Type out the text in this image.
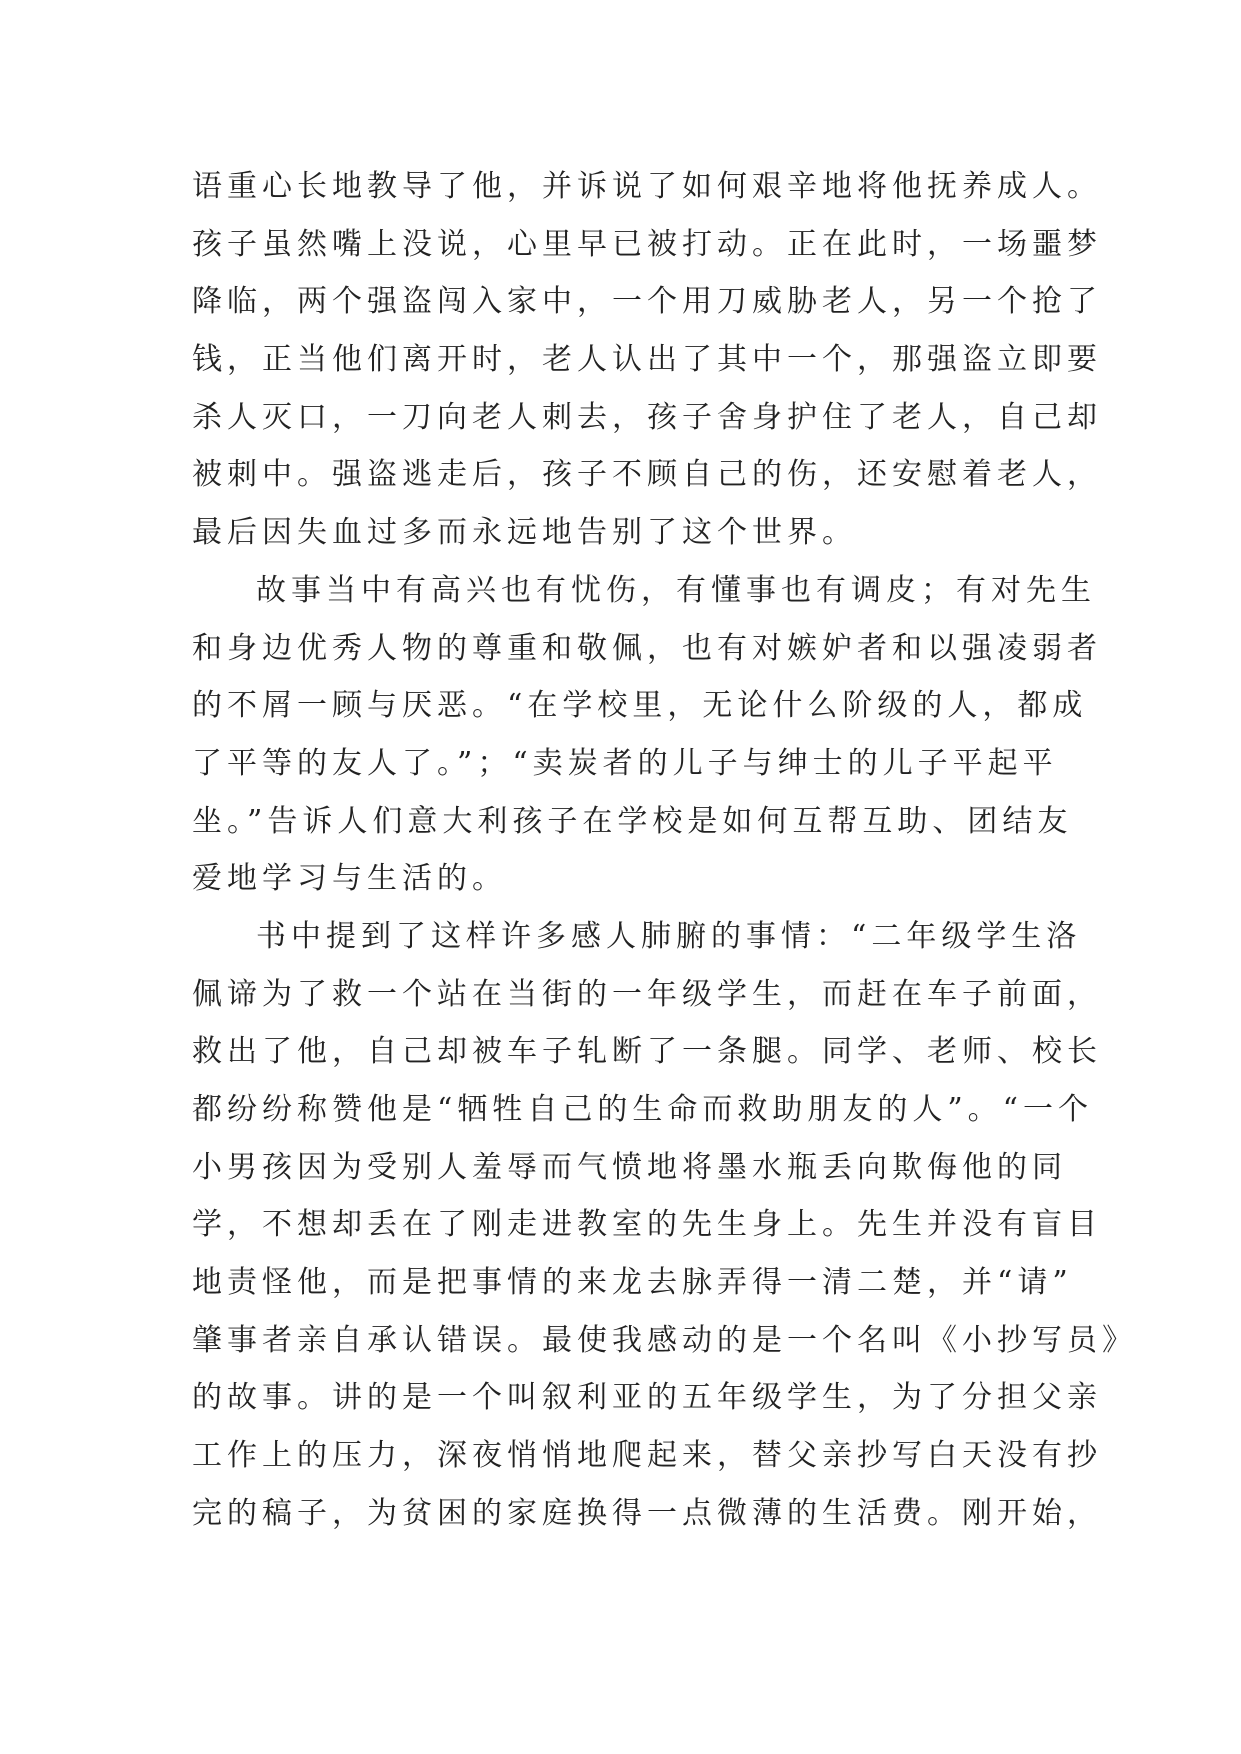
语重心长地教导了他，并诉说了如何艰辛地将他抚养成人。
孩子虽然嘴上没说，心里早已被打动。正在此时，一场噩梦
降临，两个强盗闯入家中，一个用刀威胁老人，另一个抢了
钱，正当他们离开时，老人认出了其中一个，那强盗立即要
杀人灭口，一刀向老人刺去，孩子舍身护住了老人，自己却
被刺中。强盗逃走后，孩子不顾自己的伤，还安慰着老人，
最后因失血过多而永远地告别了这个世界。
故事当中有高兴也有忧伤，有懂事也有调皮；有对先生
和身边优秀人物的尊重和敬佩，也有对嫉妒者和以强凌弱者
的不屑一顾与厌恶。“在学校里，无论什么阶级的人，都成
了平等的友人了。”；“卖炭者的儿子与绅士的儿子平起平
坐。”告诉人们意大利孩子在学校是如何互帮互助、团结友
爱地学习与生活的。
书中提到了这样许多感人肺腑的事情：“二年级学生洛
佩谛为了救一个站在当街的一年级学生，而赶在车子前面，
救出了他，自己却被车子轧断了一条腿。同学、老师、校长
都纷纷称赞他是“牺牲自己的生命而救助朋友的人”。“一个
小男孩因为受别人羞辱而气愤地将墨水瓶丢向欺侮他的同
学，不想却丢在了刚走进教室的先生身上。先生并没有盲目
地责怪他，而是把事情的来龙去脉弄得一清二楚，并“请”
肇事者亲自承认错误。最使我感动的是一个名叫《小抄写员》
的故事。讲的是一个叫叙利亚的五年级学生，为了分担父亲
工作上的压力，深夜悄悄地爬起来，替父亲抄写白天没有抄
完的稿子，为贫困的家庭换得一点微薄的生活费。刚开始，
